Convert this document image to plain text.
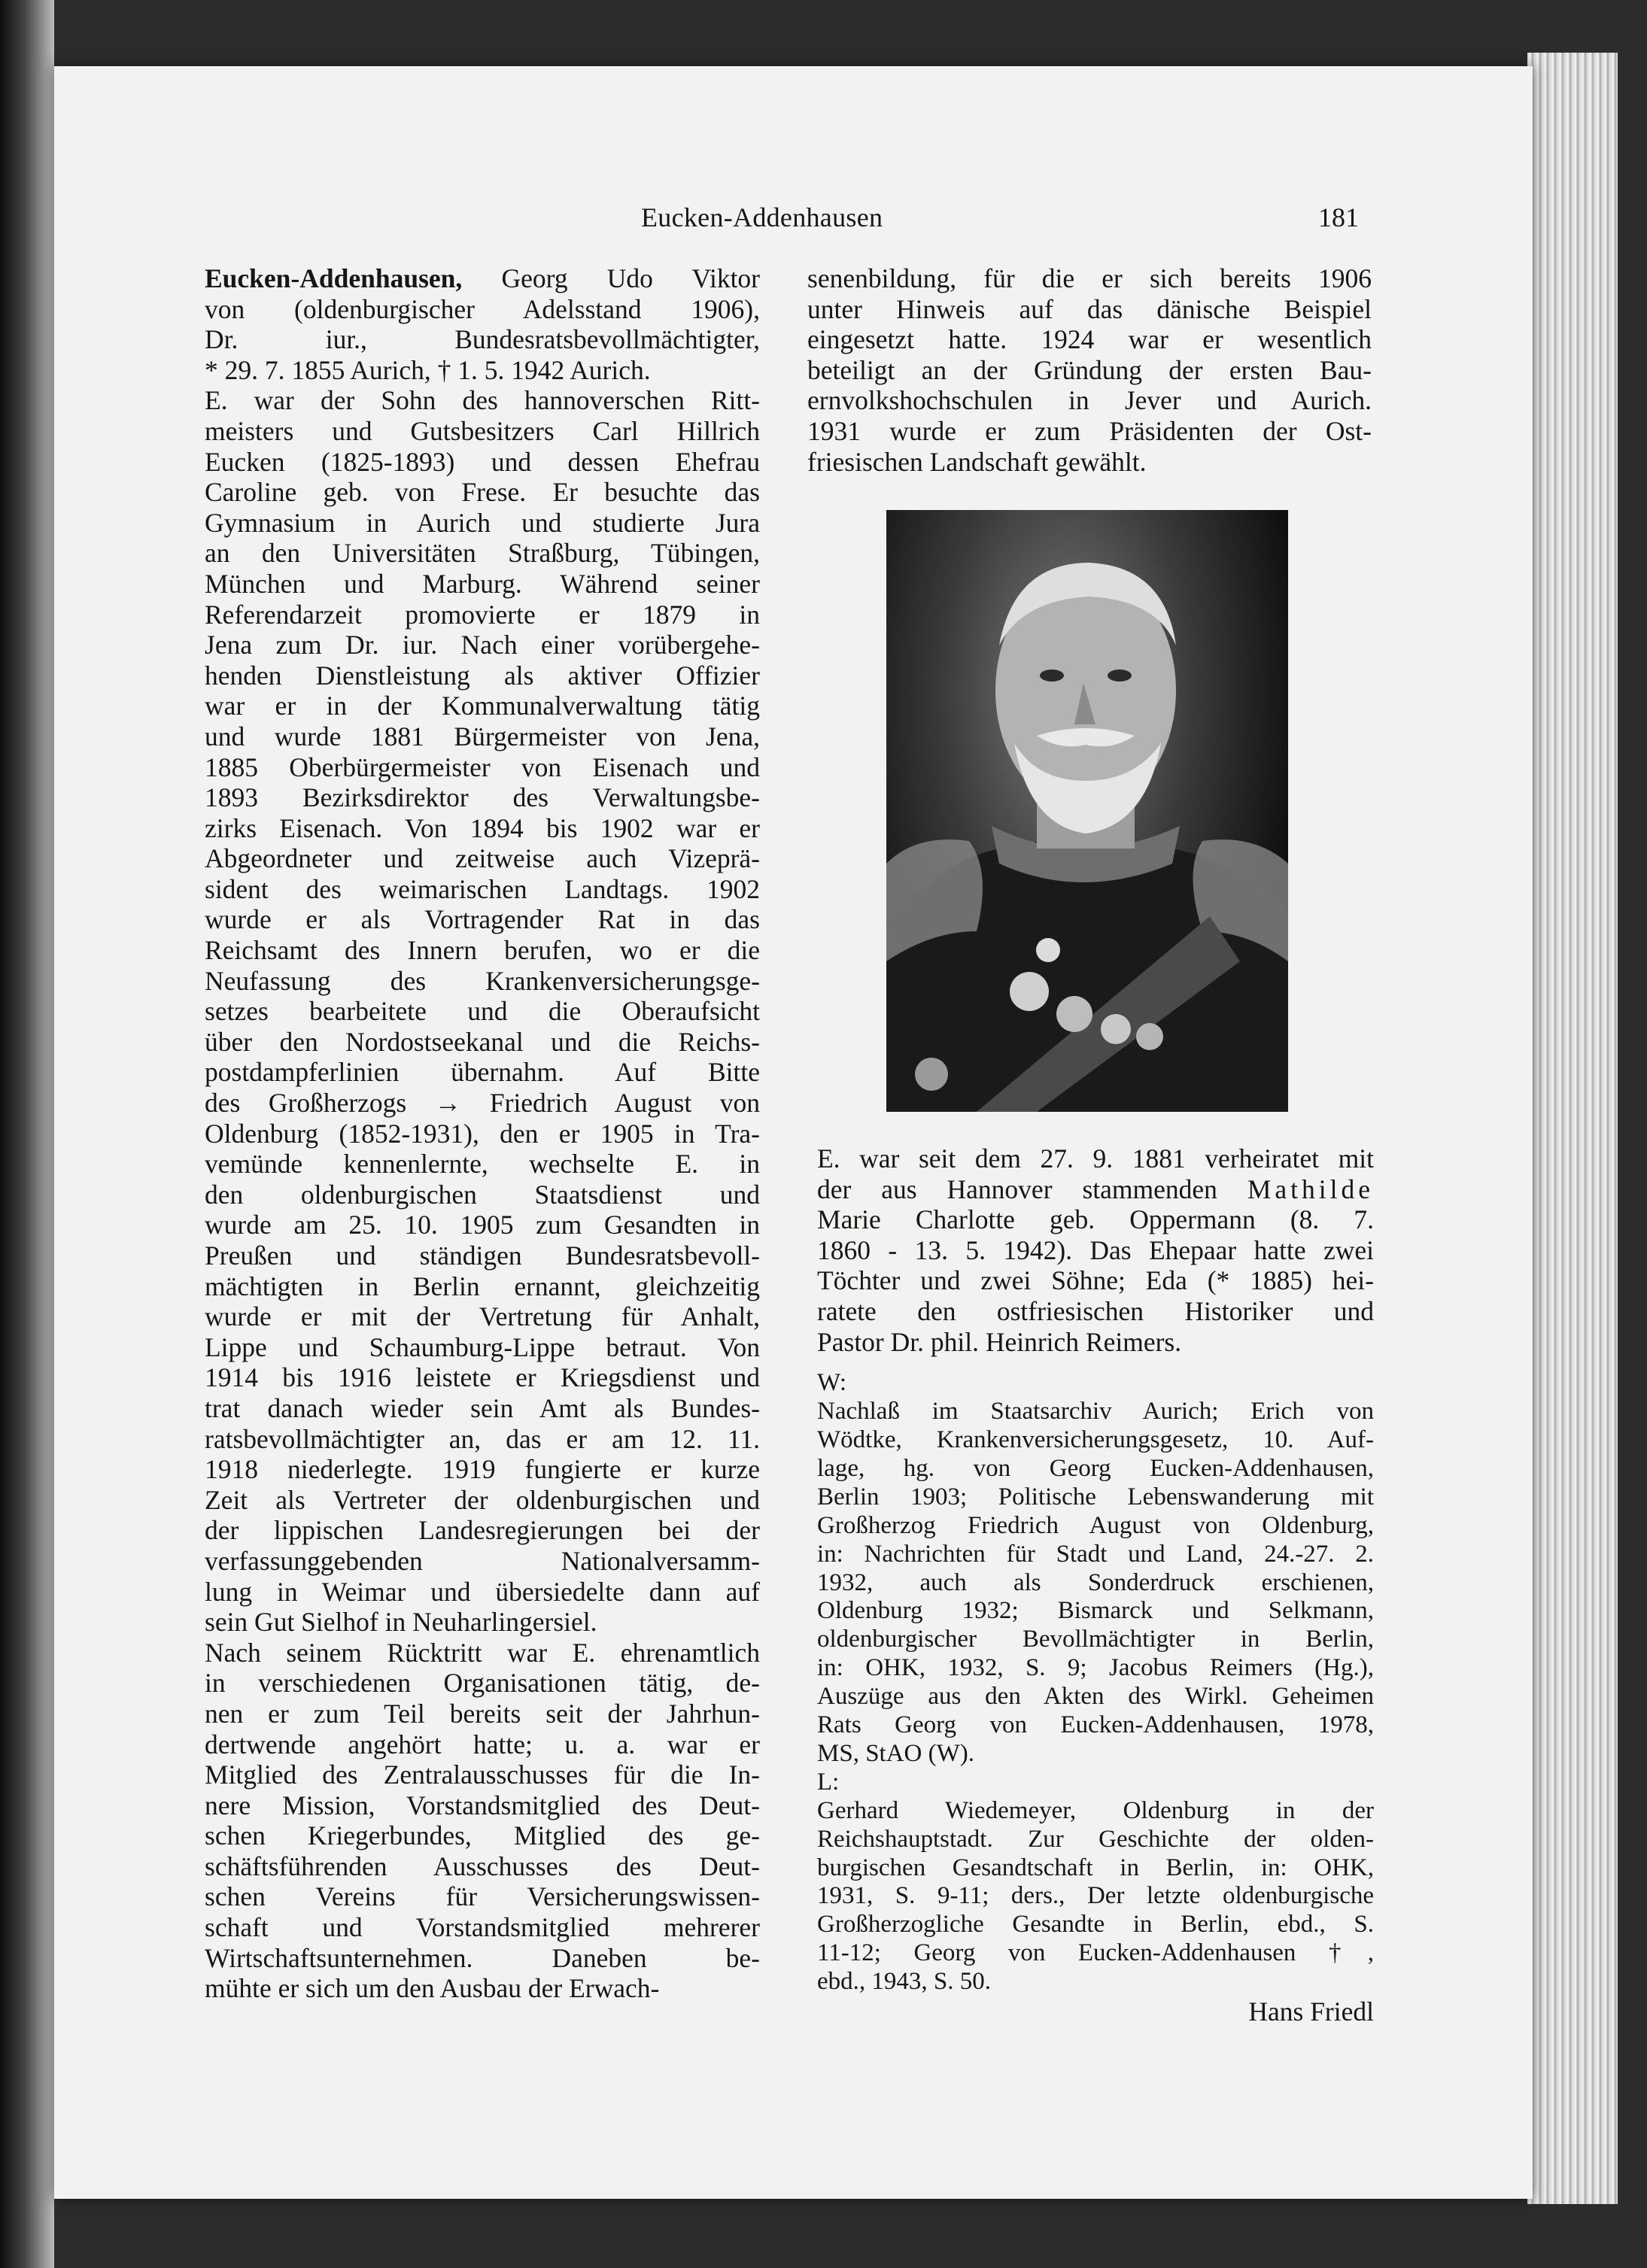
Eucken-Addenhausen	181
Eucken-Addenhausen, Georg Udo Viktor
von (oldenburgischer Adelsstand 1906),
Dr. iur., Bundesratsbevollmächtigter,
* 29. 7. 1855 Aurich, † 1. 5. 1942 Aurich.
E. war der Sohn des hannoverschen Ritt-
meisters und Gutsbesitzers Carl Hillrich
Eucken (1825-1893) und dessen Ehefrau
Caroline geb. von Frese. Er besuchte das
Gymnasium in Aurich und studierte Jura
an den Universitäten Straßburg, Tübingen,
München und Marburg. Während seiner
Referendarzeit promovierte er 1879 in
Jena zum Dr. iur. Nach einer vorübergehe-
henden Dienstleistung als aktiver Offizier
war er in der Kommunalverwaltung tätig
und wurde 1881 Bürgermeister von Jena,
1885 Oberbürgermeister von Eisenach und
1893 Bezirksdirektor des Verwaltungsbe-
zirks Eisenach. Von 1894 bis 1902 war er
Abgeordneter und zeitweise auch Vizeprä-
sident des weimarischen Landtags. 1902
wurde er als Vortragender Rat in das
Reichsamt des Innern berufen, wo er die
Neufassung des Krankenversicherungsge-
setzes bearbeitete und die Oberaufsicht
über den Nordostseekanal und die Reichs-
postdampferlinien übernahm. Auf Bitte
des Großherzogs → Friedrich August von
Oldenburg (1852-1931), den er 1905 in Tra-
vemünde kennenlernte, wechselte E. in
den oldenburgischen Staatsdienst und
wurde am 25. 10. 1905 zum Gesandten in
Preußen und ständigen Bundesratsbevoll-
mächtigten in Berlin ernannt, gleichzeitig
wurde er mit der Vertretung für Anhalt,
Lippe und Schaumburg-Lippe betraut. Von
1914 bis 1916 leistete er Kriegsdienst und
trat danach wieder sein Amt als Bundes-
ratsbevollmächtigter an, das er am 12. 11.
1918 niederlegte. 1919 fungierte er kurze
Zeit als Vertreter der oldenburgischen und
der lippischen Landesregierungen bei der
verfassunggebenden Nationalversamm-
lung in Weimar und übersiedelte dann auf
sein Gut Sielhof in Neuharlingersiel.
Nach seinem Rücktritt war E. ehrenamtlich
in verschiedenen Organisationen tätig, de-
nen er zum Teil bereits seit der Jahrhun-
dertwende angehört hatte; u. a. war er
Mitglied des Zentralausschusses für die In-
nere Mission, Vorstandsmitglied des Deut-
schen Kriegerbundes, Mitglied des ge-
schäftsführenden Ausschusses des Deut-
schen Vereins für Versicherungswissen-
schaft und Vorstandsmitglied mehrerer
Wirtschaftsunternehmen. Daneben be-
mühte er sich um den Ausbau der Erwach-
senenbildung, für die er sich bereits 1906
unter Hinweis auf das dänische Beispiel
eingesetzt hatte. 1924 war er wesentlich
beteiligt an der Gründung der ersten Bau-
ernvolkshochschulen in Jever und Aurich.
1931 wurde er zum Präsidenten der Ost-
friesischen Landschaft gewählt.
E. war seit dem 27. 9. 1881 verheiratet mit
der aus Hannover stammenden Mathilde
Marie Charlotte geb. Oppermann (8. 7.
1860 - 13. 5. 1942). Das Ehepaar hatte zwei
Töchter und zwei Söhne; Eda (* 1885) hei-
ratete den ostfriesischen Historiker und
Pastor Dr. phil. Heinrich Reimers.
W:
Nachlaß im Staatsarchiv Aurich; Erich von
Wödtke, Krankenversicherungsgesetz, 10. Auf-
lage, hg. von Georg Eucken-Addenhausen,
Berlin 1903; Politische Lebenswanderung mit
Großherzog Friedrich August von Oldenburg,
in: Nachrichten für Stadt und Land, 24.-27. 2.
1932, auch als Sonderdruck erschienen,
Oldenburg 1932; Bismarck und Selkmann,
oldenburgischer Bevollmächtigter in Berlin,
in: OHK, 1932, S. 9; Jacobus Reimers (Hg.),
Auszüge aus den Akten des Wirkl. Geheimen
Rats Georg von Eucken-Addenhausen, 1978,
MS, StAO (W).
L:
Gerhard Wiedemeyer, Oldenburg in der
Reichshauptstadt. Zur Geschichte der olden-
burgischen Gesandtschaft in Berlin, in: OHK,
1931, S. 9-11; ders., Der letzte oldenburgische
Großherzogliche Gesandte in Berlin, ebd., S.
11-12; Georg von Eucken-Addenhausen †,
ebd., 1943, S. 50.
Hans Friedl
